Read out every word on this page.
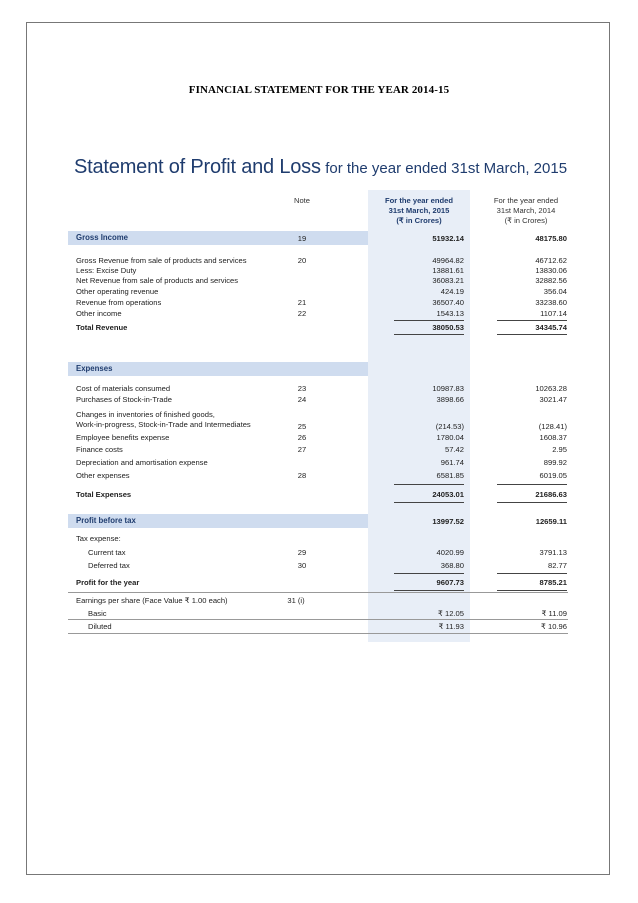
FINANCIAL STATEMENT FOR THE YEAR 2014-15
Statement of Profit and Loss for the year ended 31st March, 2015
Note	For the year ended
31st March, 2015
(₹ in Crores)
For the year ended
31st March, 2014
(₹ in Crores)
Gross Income	19	51932.14	48175.80
Gross Revenue from sale of products and services	20	49964.82	46712.62
Less: Excise Duty	13881.61	13830.06
Net Revenue from sale of products and services	36083.21	32882.56
Other operating revenue	424.19	356.04
Revenue from operations	21	36507.40	33238.60
Other income	22	1543.13	1107.14
Total Revenue	38050.53	34345.74
Expenses
Cost of materials consumed	23	10987.83	10263.28
Purchases of Stock-in-Trade	24	3898.66	3021.47
Changes in inventories of finished goods,
Work-in-progress, Stock-in-Trade and Intermediates	25	(214.53)	(128.41)
Employee benefits expense	26	1780.04	1608.37
Finance costs	27	57.42	2.95
Depreciation and amortisation expense	961.74	899.92
Other expenses	28	6581.85	6019.05
Total Expenses	24053.01	21686.63
Profit before tax	13997.52	12659.11
Tax expense:
Current tax	29	4020.99	3791.13
Deferred tax	30	368.80	82.77
Profit for the year	9607.73	8785.21
Earnings per share (Face Value ₹ 1.00 each)	31 (i)
Basic	₹ 12.05	₹ 11.09
Diluted	₹ 11.93	₹ 10.96
